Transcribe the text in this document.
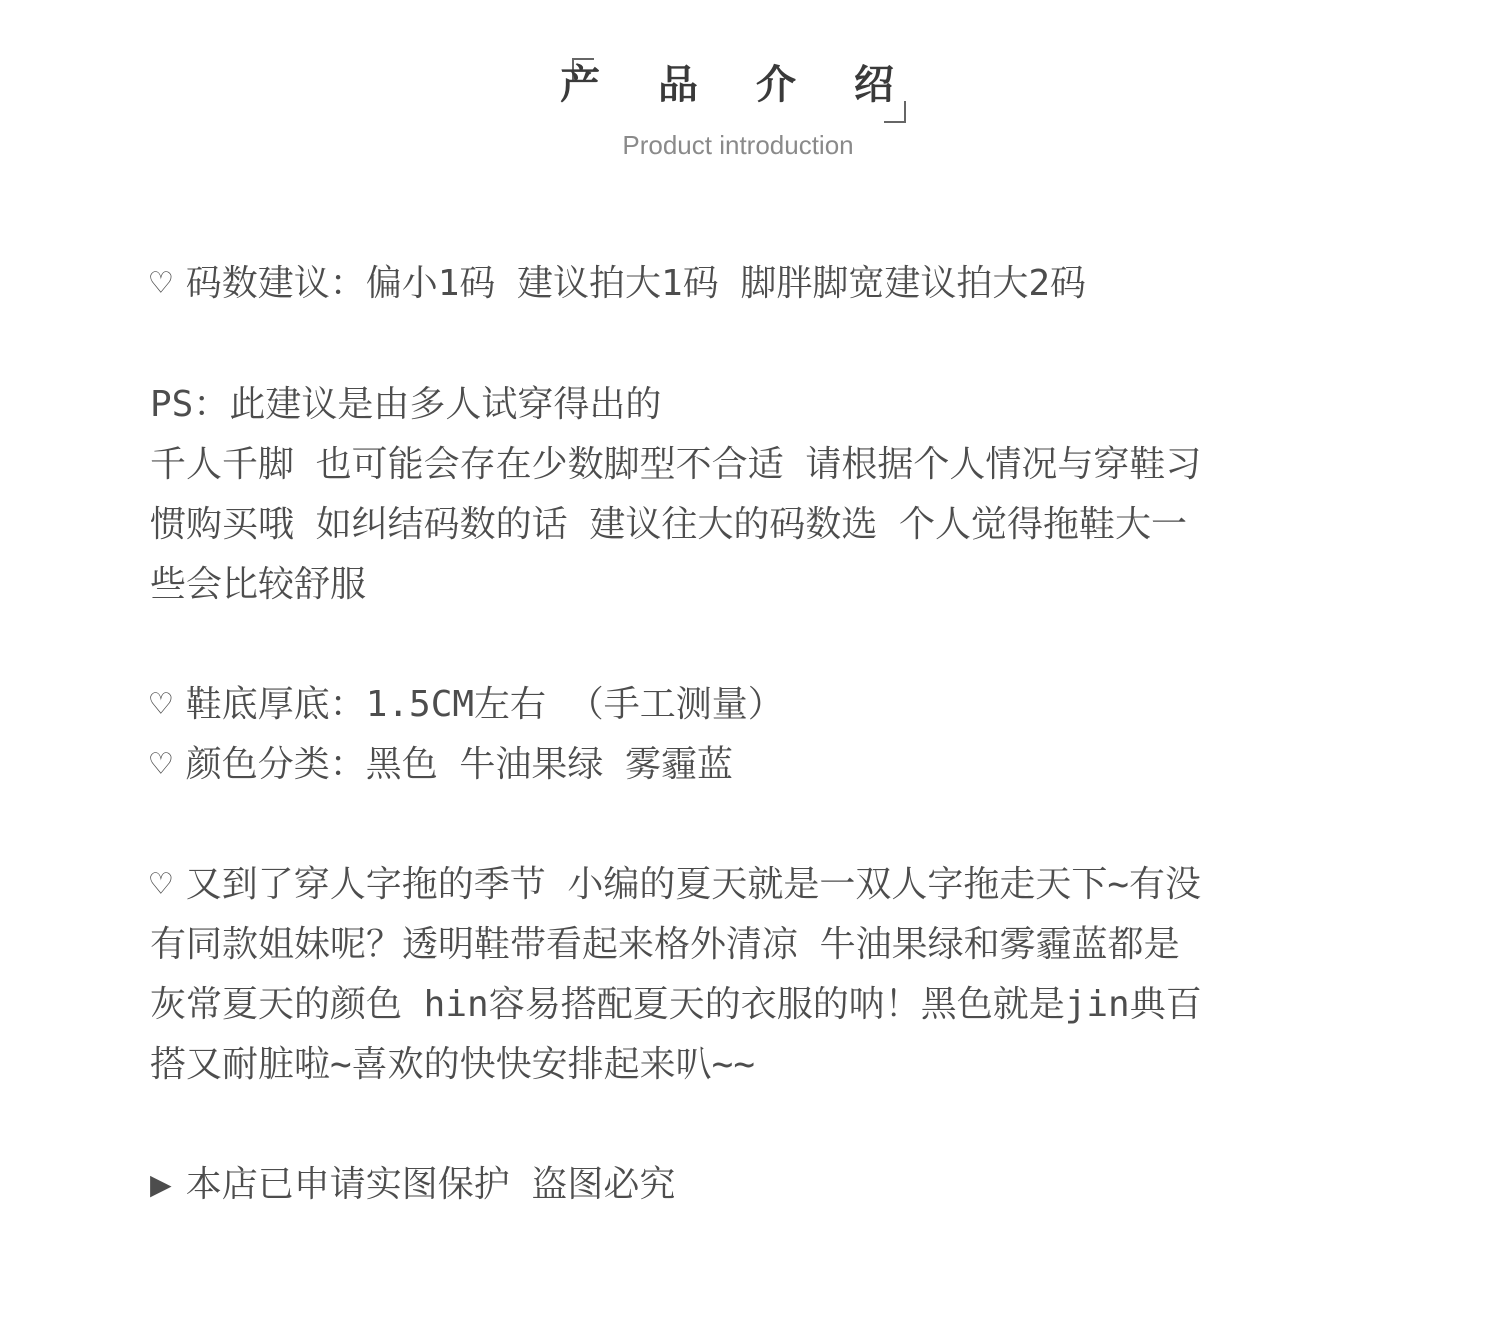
产 品 介 绍
Product introduction
♡ 码数建议：偏小1码 建议拍大1码 脚胖脚宽建议拍大2码
PS：此建议是由多人试穿得出的
千人千脚 也可能会存在少数脚型不合适 请根据个人情况与穿鞋习
惯购买哦 如纠结码数的话 建议往大的码数选 个人觉得拖鞋大一
些会比较舒服
♡ 鞋底厚底：1.5CM左右 （手工测量）
♡ 颜色分类：黑色 牛油果绿 雾霾蓝
♡ 又到了穿人字拖的季节 小编的夏天就是一双人字拖走天下~有没
有同款姐妹呢？透明鞋带看起来格外清凉 牛油果绿和雾霾蓝都是
灰常夏天的颜色 hin容易搭配夏天的衣服的呐！黑色就是jin典百
搭又耐脏啦~喜欢的快快安排起来叭~~
▶ 本店已申请实图保护 盗图必究
